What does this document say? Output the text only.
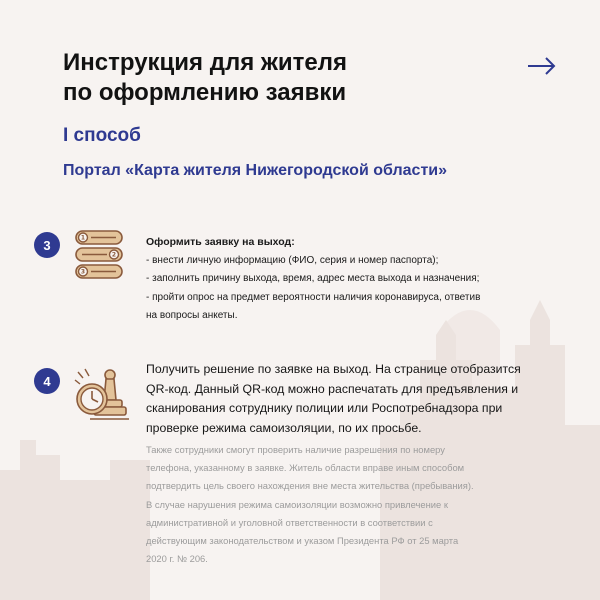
Инструкция для жителя
по оформлению заявки
I способ
Портал «Карта жителя Нижегородской области»
3	1
2
3
Оформить заявку на выход:
- внести личную информацию (ФИО, серия и номер паспорта);
- заполнить причину выхода, время, адрес места выхода и назначения;
- пройти опрос на предмет вероятности наличия коронавируса, ответив
на вопросы анкеты.
4
Получить решение по заявке на выход. На странице отобразится
QR-код. Данный QR-код можно распечатать для предъявления и
сканирования сотруднику полиции или Роспотребнадзора при
проверке режима самоизоляции, по их просьбе.
Также сотрудники смогут проверить наличие разрешения по номеру
телефона, указанному в заявке. Житель области вправе иным способом
подтвердить цель своего нахождения вне места жительства (пребывания).
В случае нарушения режима самоизоляции возможно привлечение к
административной и уголовной ответственности в соответствии с
действующим законодательством и указом Президента РФ от 25 марта
2020 г. № 206.
